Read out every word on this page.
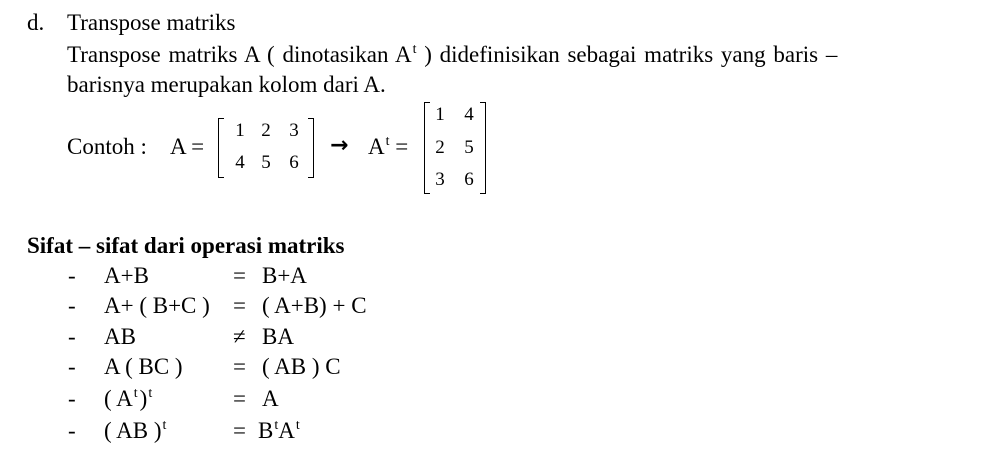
d. Transpose matriks
Transpose matriks A ( dinotasikan $A^t$ ) didefinisikan sebagai matriks yang baris –
barisnya merupakan kolom dari A.
Contoh : A =
1 2 3
4 5 6
→ $A^t$ =
1 4
2 5
3 6
Sifat – sifat dari operasi matriks
- A+B	= B+A
- A+ ( B+C ) = ( A+B) + C
- AB	≠ BA
- A ( BC ) = ( AB ) C
- ( $A^t)^t$	= A
- ( AB )$^t$	= $B^tA^t$
